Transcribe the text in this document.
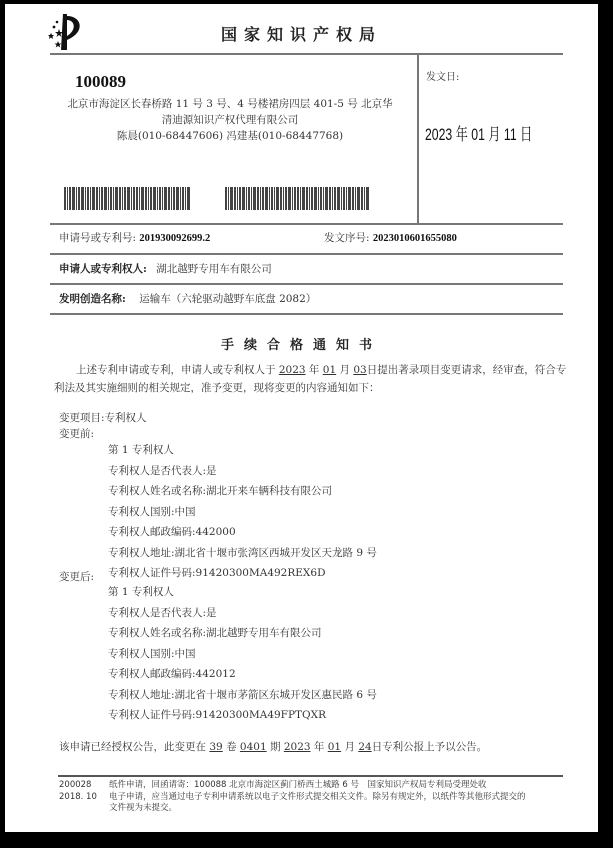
国家知识产权局
100089
北京市海淀区长春桥路 11 号 3 号、4 号楼裙房四层 401-5 号 北京华
清迪源知识产权代理有限公司
陈晨(010-68447606) 冯建基(010-68447768)
发文日:
2023 年 01 月 11 日
申请号或专利号: 201930092699.2	发文序号: 2023010601655080
申请人或专利权人: 湖北越野专用车有限公司
发明创造名称: 运输车（六轮驱动越野车底盘 2082）
手续合格通知书
上述专利申请或专利，申请人或专利权人于 2023 年 01 月 03日提出著录项目变更请求，经审查，符合专利法及其实施细则的相关规定，准予变更，现将变更的内容通知如下：
变更项目:专利权人
变更前:
第 1 专利权人
专利权人是否代表人:是
专利权人姓名或名称:湖北开来车辆科技有限公司
专利权人国别:中国
专利权人邮政编码:442000
专利权人地址:湖北省十堰市张湾区西城开发区天龙路 9 号
专利权人证件号码:91420300MA492REX6D
变更后:
第 1 专利权人
专利权人是否代表人:是
专利权人姓名或名称:湖北越野专用车有限公司
专利权人国别:中国
专利权人邮政编码:442012
专利权人地址:湖北省十堰市茅箭区东城开发区惠民路 6 号
专利权人证件号码:91420300MA49FPTQXR
该申请已经授权公告，此变更在 39 卷 0401 期 2023 年 01 月 24日专利公报上予以公告。
200028
2018. 10
纸件申请，回函请寄：100088 北京市海淀区蓟门桥西土城路 6 号　国家知识产权局专利局受理处收
电子申请，应当通过电子专利申请系统以电子文件形式提交相关文件。除另有规定外，以纸件等其他形式提交的
文件视为未提交。
